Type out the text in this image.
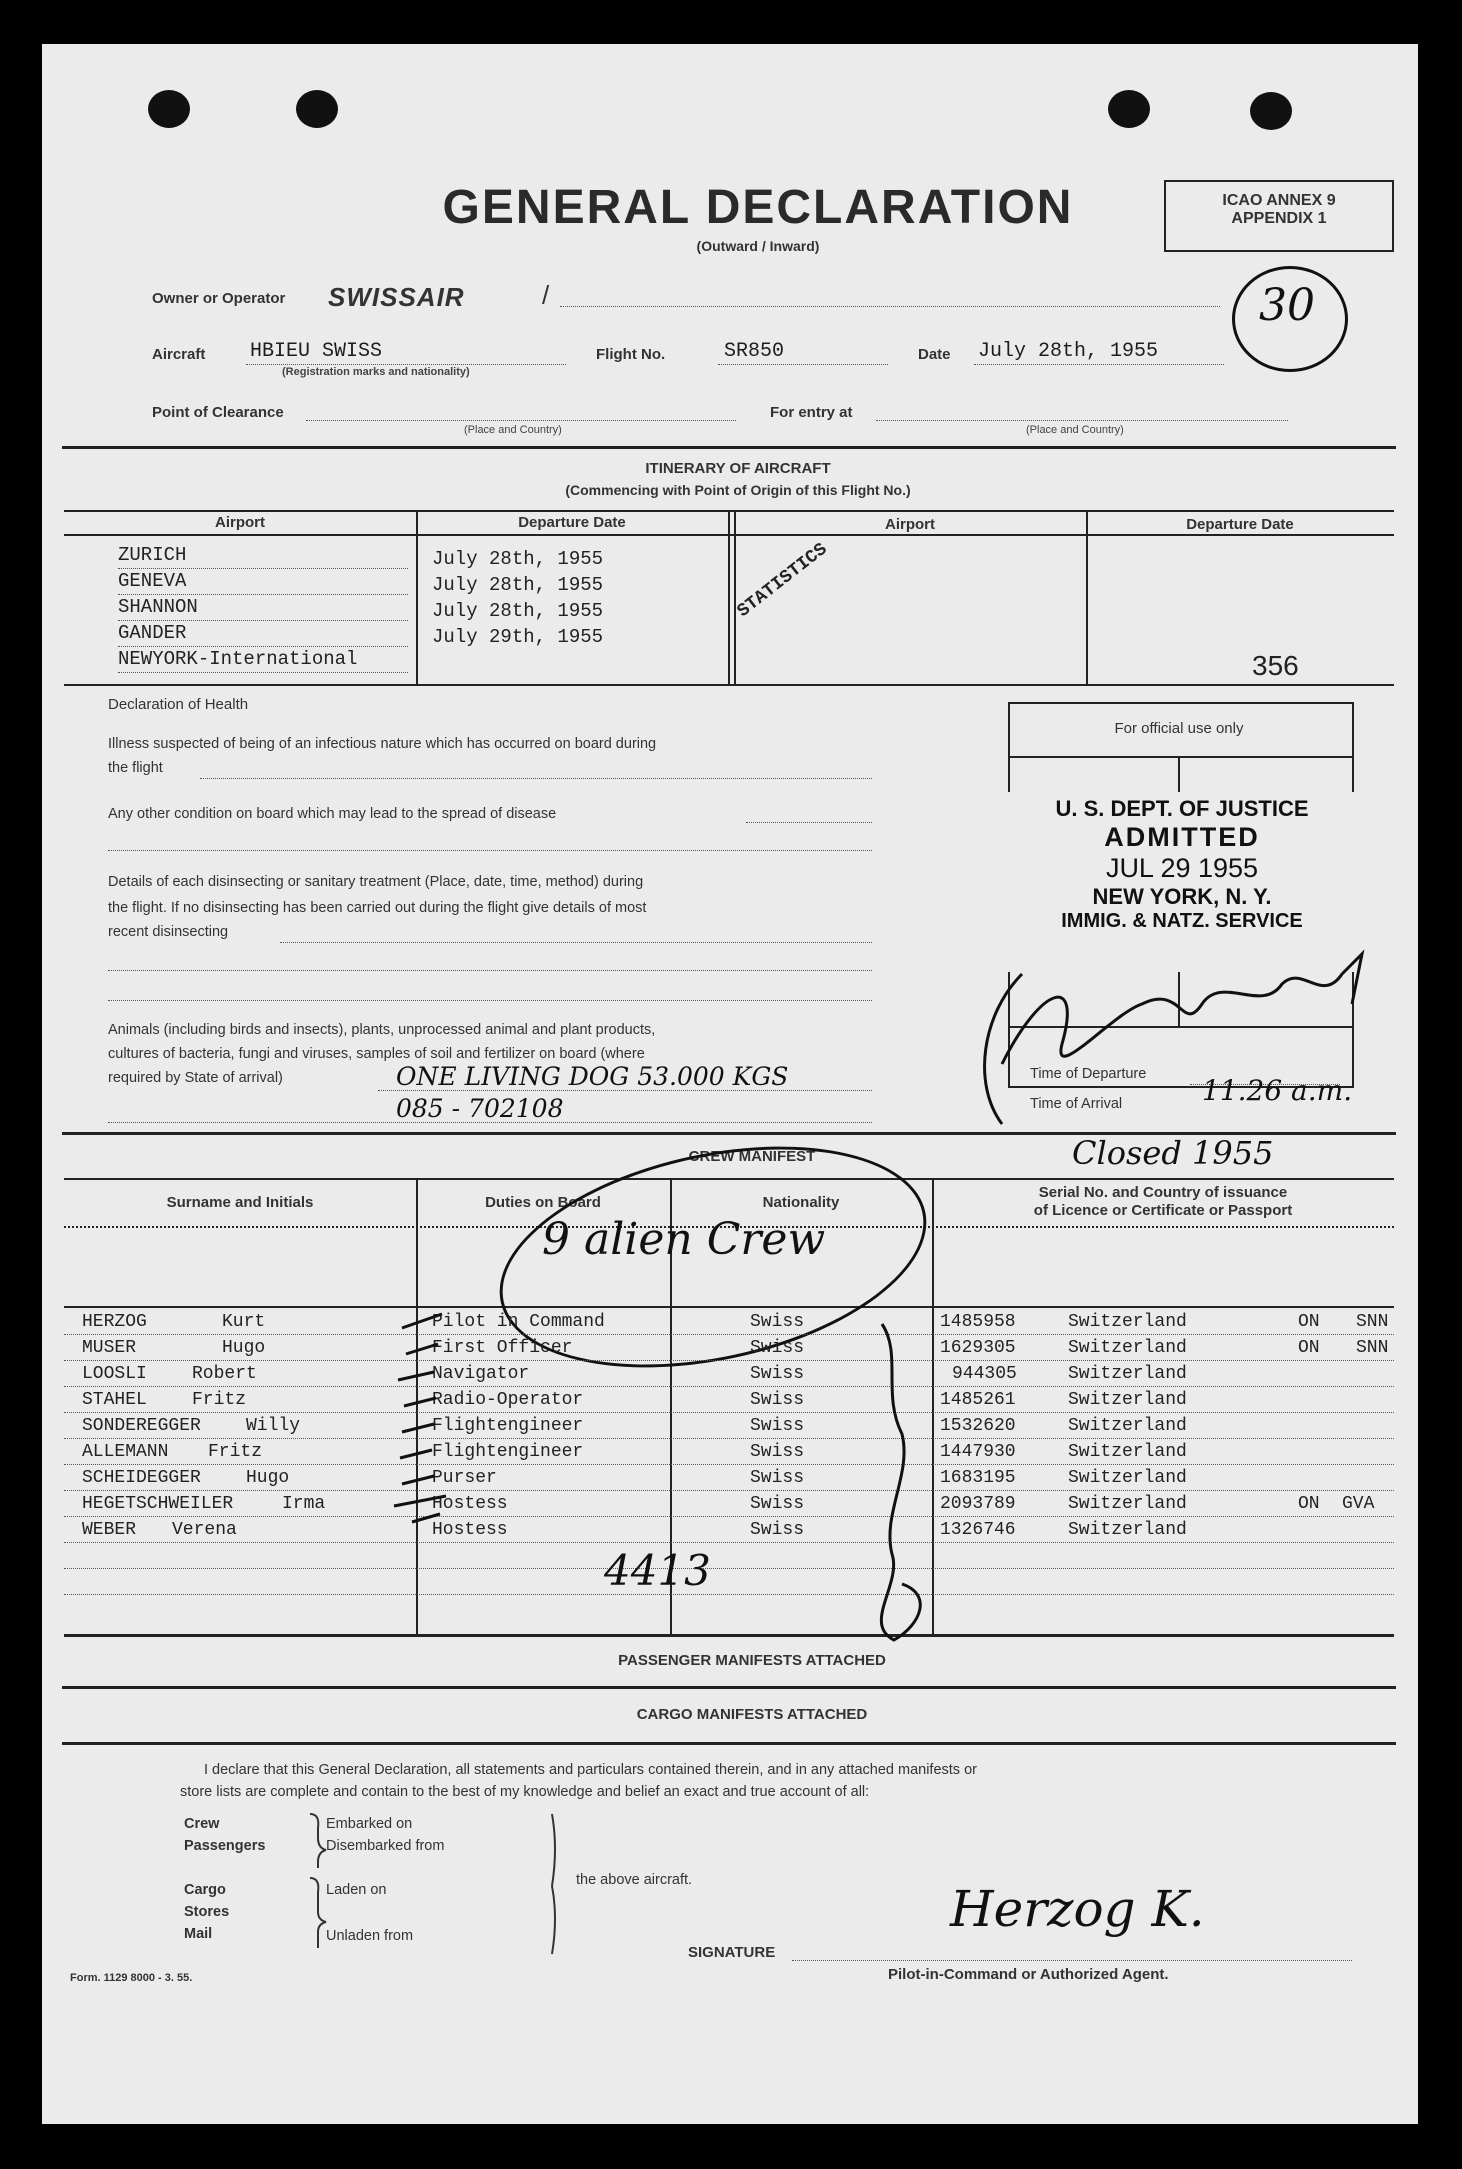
GENERAL DECLARATION
(Outward / Inward)
ICAO ANNEX 9
APPENDIX 1
30
Owner or Operator SWISSAIR	/
Aircraft HBIEU SWISS
(Registration marks and nationality)
Flight No.	SR850	Date July 28th, 1955
Point of Clearance
(Place and Country)
For entry at
(Place and Country)
ITINERARY OF AIRCRAFT
(Commencing with Point of Origin of this Flight No.)
Airport	Departure Date	Airport	Departure Date
ZURICH	July 28th, 1955
GENEVA	July 28th, 1955
SHANNON	July 28th, 1955
GANDER	July 29th, 1955
NEWYORK-International
STATISTICS
356
Declaration of Health
Illness suspected of being of an infectious nature which has occurred on board during
the flight
Any other condition on board which may lead to the spread of disease
Details of each disinsecting or sanitary treatment (Place, date, time, method) during
the flight. If no disinsecting has been carried out during the flight give details of most
recent disinsecting
Animals (including birds and insects), plants, unprocessed animal and plant products,
cultures of bacteria, fungi and viruses, samples of soil and fertilizer on board (where
required by State of arrival)	ONE LIVING DOG 53.000 KGS
085 - 702108
For official use only
U. S. DEPT. OF JUSTICE
ADMITTED
JUL 29 1955
NEW YORK, N. Y.
IMMIG. & NATZ. SERVICE
Time of Departure
Time of Arrival	11.26 a.m.
Closed 1955
CREW MANIFEST
Surname and Initials	Duties on Board	Nationality
Serial No. and Country of issuance
of Licence or Certificate or Passport
9 alien Crew
HERZOG	Kurt	Pilot in Command	Swiss	1485958	Switzerland	ON SNN
MUSER	Hugo	First Officer	Swiss	1629305	Switzerland	ON SNN
LOOSLI	Robert	Navigator	Swiss	944305	Switzerland
STAHEL	Fritz	Radio-Operator	Swiss	1485261	Switzerland
SONDEREGGER	Willy	Flightengineer	Swiss	1532620	Switzerland
ALLEMANN Fritz	Flightengineer	Swiss	1447930	Switzerland
SCHEIDEGGER	Hugo	Purser	Swiss	1683195	Switzerland
HEGETSCHWEILER	Irma	Hostess	Swiss	2093789	Switzerland	ON GVA
WEBER Verena	Hostess	Swiss	1326746	Switzerland
4413
PASSENGER MANIFESTS ATTACHED
CARGO MANIFESTS ATTACHED
I declare that this General Declaration, all statements and particulars contained therein, and in any attached manifests or
store lists are complete and contain to the best of my knowledge and belief an exact and true account of all:
Crew
Passengers
Embarked on
Disembarked from
Cargo
Stores
Mail
Laden on
Unladen from
the above aircraft.	Herzog K.
SIGNATURE
Pilot-in-Command or Authorized Agent.
Form. 1129 8000 - 3. 55.
